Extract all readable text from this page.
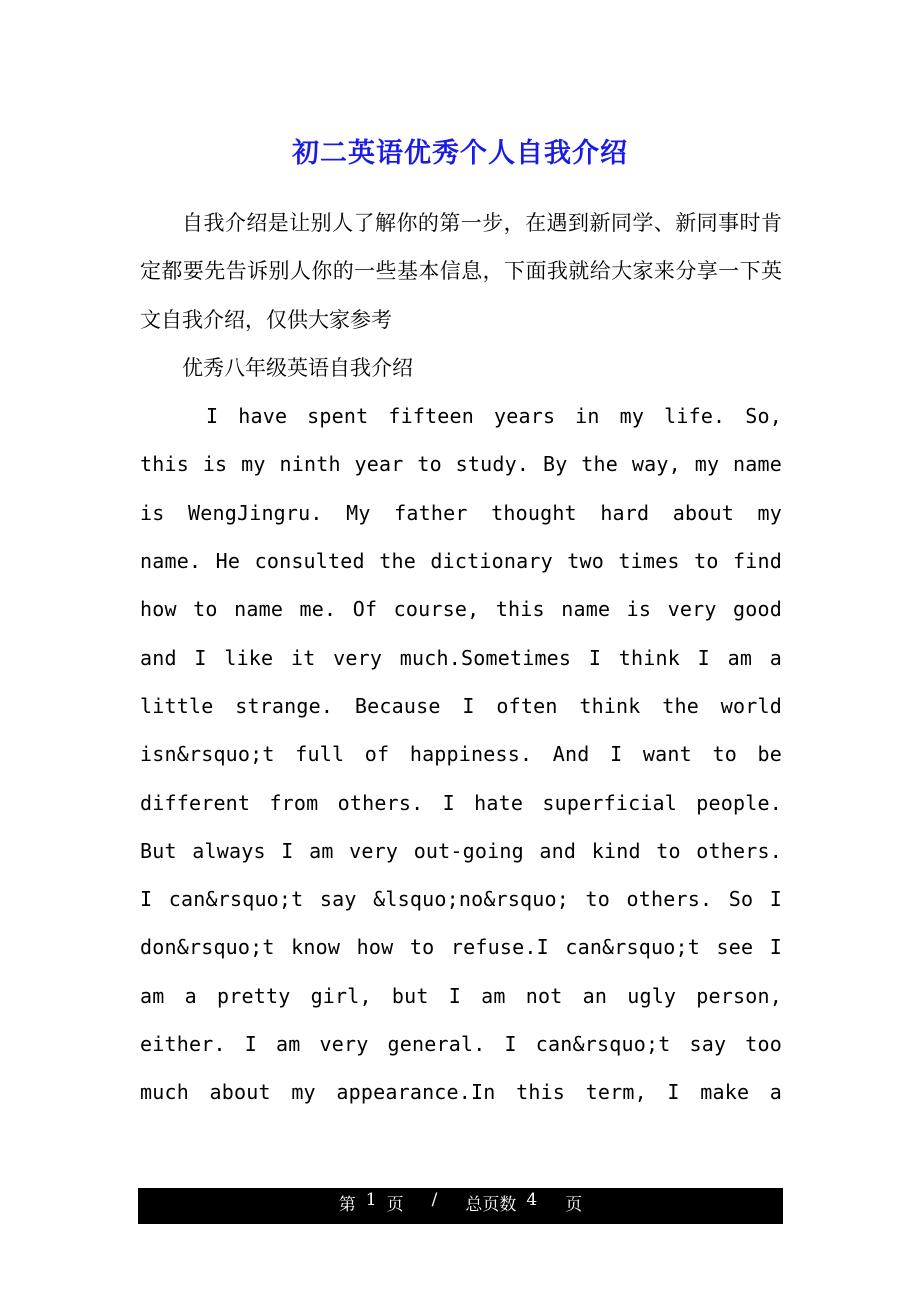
初二英语优秀个人自我介绍

自我介绍是让别人了解你的第一步，在遇到新同学、新同事时肯定都要先告诉别人你的一些基本信息，下面我就给大家来分享一下英文自我介绍，仅供大家参考

优秀八年级英语自我介绍

I have spent fifteen years in my life. So, this is my ninth year to study. By the way, my name is WengJingru. My father thought hard about my name. He consulted the dictionary two times to find how to name me. Of course, this name is very good and I like it very much.Sometimes I think I am a little strange. Because I often think the world isn&rsquo;t full of happiness. And I want to be different from others. I hate superficial people. But always I am very out-going and kind to others. I can&rsquo;t say &lsquo;no&rsquo; to others. So I don&rsquo;t know how to refuse.I can&rsquo;t see I am a pretty girl, but I am not an ugly person, either. I am very general. I can&rsquo;t say too much about my appearance.In this term, I make a

第 1 页 / 总页数 4 页
